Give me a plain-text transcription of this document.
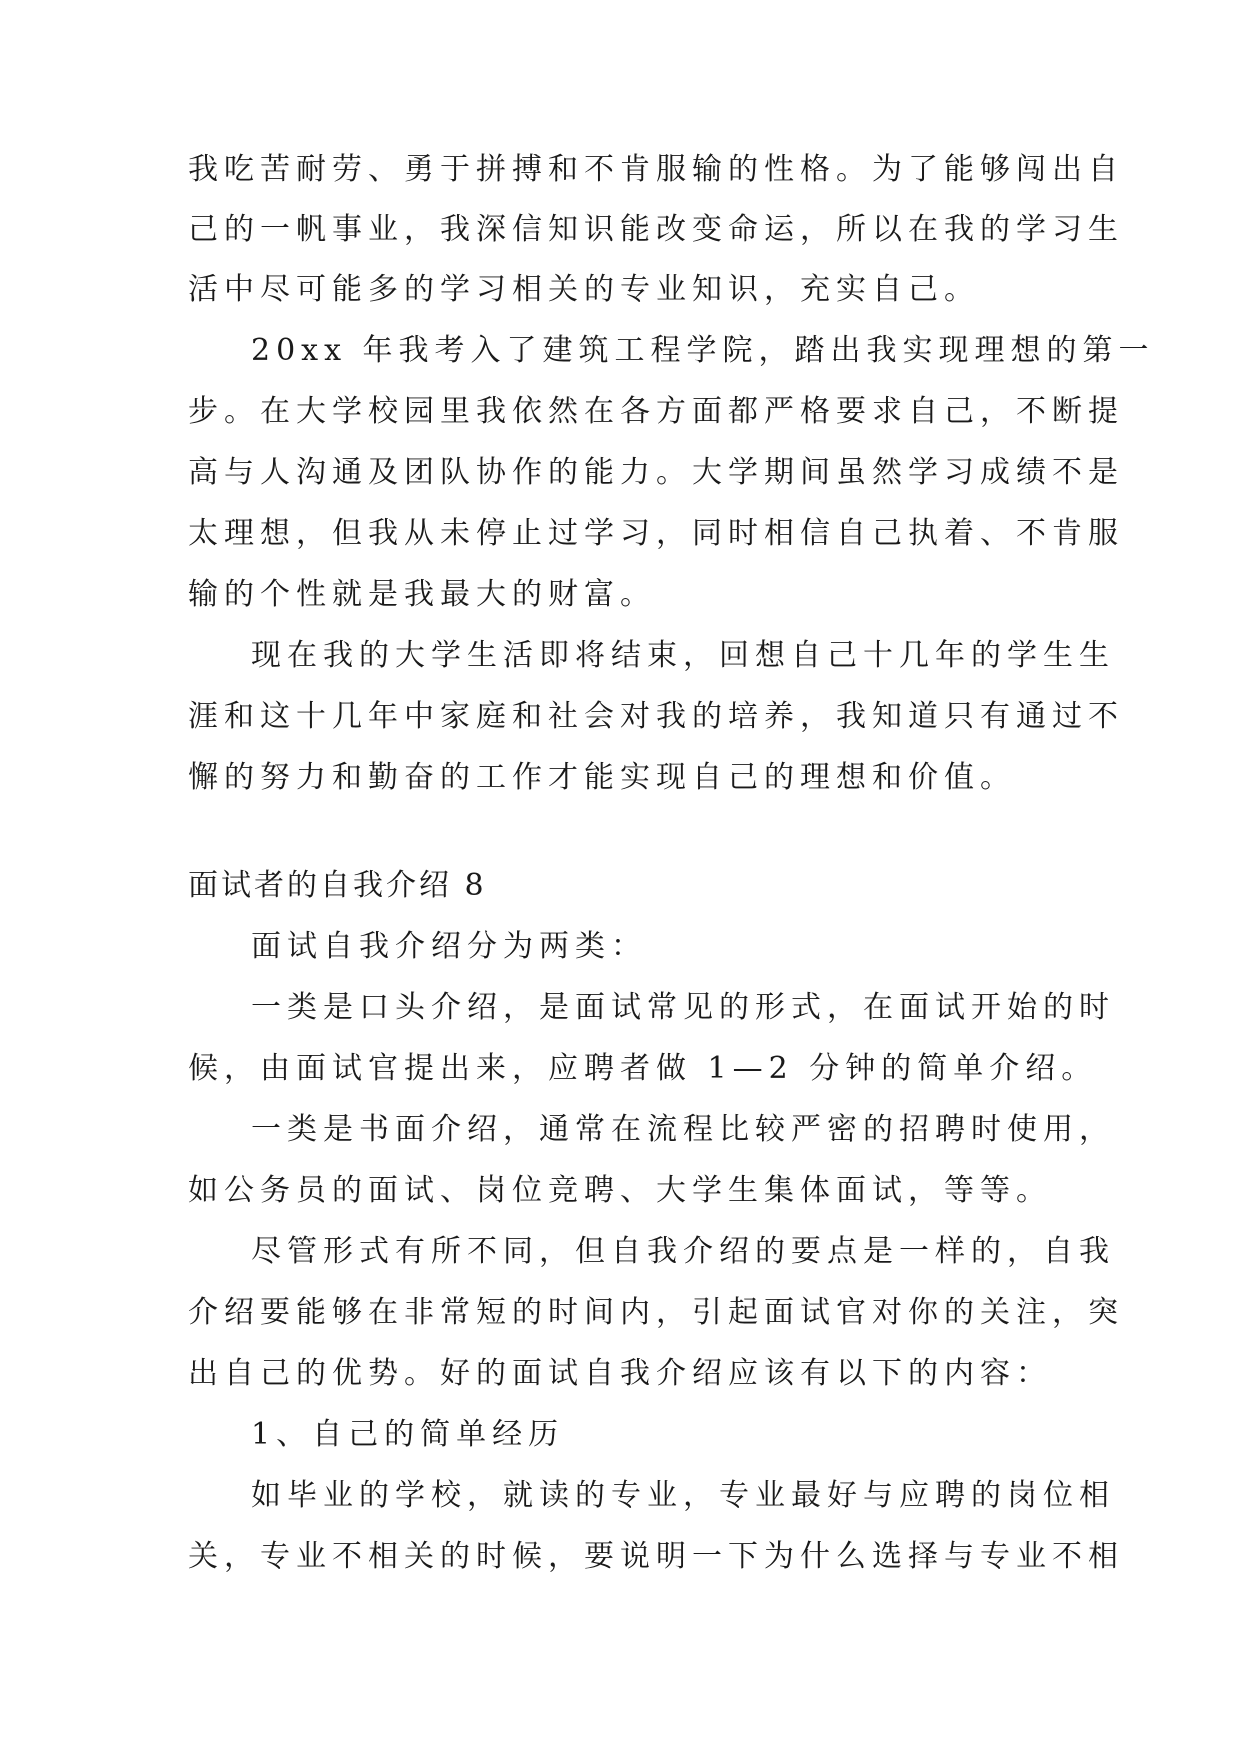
我吃苦耐劳、勇于拼搏和不肯服输的性格。为了能够闯出自
己的一帆事业，我深信知识能改变命运，所以在我的学习生
活中尽可能多的学习相关的专业知识，充实自己。
20xx 年我考入了建筑工程学院，踏出我实现理想的第一
步。在大学校园里我依然在各方面都严格要求自己，不断提
高与人沟通及团队协作的能力。大学期间虽然学习成绩不是
太理想，但我从未停止过学习，同时相信自己执着、不肯服
输的个性就是我最大的财富。
现在我的大学生活即将结束，回想自己十几年的学生生
涯和这十几年中家庭和社会对我的培养，我知道只有通过不
懈的努力和勤奋的工作才能实现自己的理想和价值。
面试者的自我介绍 8
面试自我介绍分为两类：
一类是口头介绍，是面试常见的形式，在面试开始的时
候，由面试官提出来，应聘者做 1—2 分钟的简单介绍。
一类是书面介绍，通常在流程比较严密的招聘时使用，
如公务员的面试、岗位竞聘、大学生集体面试，等等。
尽管形式有所不同，但自我介绍的要点是一样的，自我
介绍要能够在非常短的时间内，引起面试官对你的关注，突
出自己的优势。好的面试自我介绍应该有以下的内容：
1、自己的简单经历
如毕业的学校，就读的专业，专业最好与应聘的岗位相
关，专业不相关的时候，要说明一下为什么选择与专业不相
